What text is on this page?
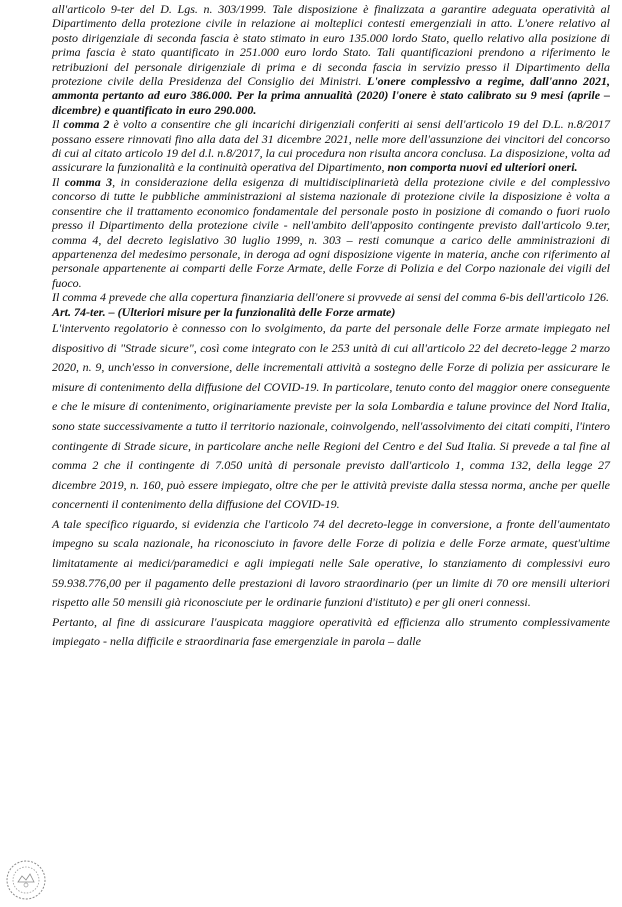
all'articolo 9-ter del D. Lgs. n. 303/1999. Tale disposizione è finalizzata a garantire adeguata operatività al Dipartimento della protezione civile in relazione ai molteplici contesti emergenziali in atto. L'onere relativo al posto dirigenziale di seconda fascia è stato stimato in euro 135.000 lordo Stato, quello relativo alla posizione di prima fascia è stato quantificato in 251.000 euro lordo Stato. Tali quantificazioni prendono a riferimento le retribuzioni del personale dirigenziale di prima e di seconda fascia in servizio presso il Dipartimento della protezione civile della Presidenza del Consiglio dei Ministri. L'onere complessivo a regime, dall'anno 2021, ammonta pertanto ad euro 386.000. Per la prima annualità (2020) l'onere è stato calibrato su 9 mesi (aprile – dicembre) e quantificato in euro 290.000.

Il comma 2 è volto a consentire che gli incarichi dirigenziali conferiti ai sensi dell'articolo 19 del D.L. n.8/2017 possano essere rinnovati fino alla data del 31 dicembre 2021, nelle more dell'assunzione dei vincitori del concorso di cui al citato articolo 19 del d.l. n.8/2017, la cui procedura non risulta ancora conclusa. La disposizione, volta ad assicurare la funzionalità e la continuità operativa del Dipartimento, non comporta nuovi ed ulteriori oneri.

Il comma 3, in considerazione della esigenza di multidisciplinarietà della protezione civile e del complessivo concorso di tutte le pubbliche amministrazioni al sistema nazionale di protezione civile la disposizione è volta a consentire che il trattamento economico fondamentale del personale posto in posizione di comando o fuori ruolo presso il Dipartimento della protezione civile - nell'ambito dell'apposito contingente previsto dall'articolo 9.ter, comma 4, del decreto legislativo 30 luglio 1999, n. 303 – resti comunque a carico delle amministrazioni di appartenenza del medesimo personale, in deroga ad ogni disposizione vigente in materia, anche con riferimento al personale appartenente ai comparti delle Forze Armate, delle Forze di Polizia e del Corpo nazionale dei vigili del fuoco.

Il comma 4 prevede che alla copertura finanziaria dell'onere si provvede ai sensi del comma 6-bis dell'articolo 126.

Art. 74-ter. – (Ulteriori misure per la funzionalità delle Forze armate)

L'intervento regolatorio è connesso con lo svolgimento, da parte del personale delle Forze armate impiegato nel dispositivo di "Strade sicure", così come integrato con le 253 unità di cui all'articolo 22 del decreto-legge 2 marzo 2020, n. 9, unch'esso in conversione, delle incrementali attività a sostegno delle Forze di polizia per assicurare le misure di contenimento della diffusione del COVID-19. In particolare, tenuto conto del maggior onere conseguente e che le misure di contenimento, originariamente previste per la sola Lombardia e talune province del Nord Italia, sono state successivamente a tutto il territorio nazionale, coinvolgendo, nell'assolvimento dei citati compiti, l'intero contingente di Strade sicure, in particolare anche nelle Regioni del Centro e del Sud Italia. Si prevede a tal fine al comma 2 che il contingente di 7.050 unità di personale previsto dall'articolo 1, comma 132, della legge 27 dicembre 2019, n. 160, può essere impiegato, oltre che per le attività previste dalla stessa norma, anche per quelle concernenti il contenimento della diffusione del COVID-19.

A tale specifico riguardo, si evidenzia che l'articolo 74 del decreto-legge in conversione, a fronte dell'aumentato impegno su scala nazionale, ha riconosciuto in favore delle Forze di polizia e delle Forze armate, quest'ultime limitatamente ai medici/paramedici e agli impiegati nelle Sale operative, lo stanziamento di complessivi euro 59.938.776,00 per il pagamento delle prestazioni di lavoro straordinario (per un limite di 70 ore mensili ulteriori rispetto alle 50 mensili già riconosciute per le ordinarie funzioni d'istituto) e per gli oneri connessi.

Pertanto, al fine di assicurare l'auspicata maggiore operatività ed efficienza allo strumento complessivamente impiegato - nella difficile e straordinaria fase emergenziale in parola – dalle
